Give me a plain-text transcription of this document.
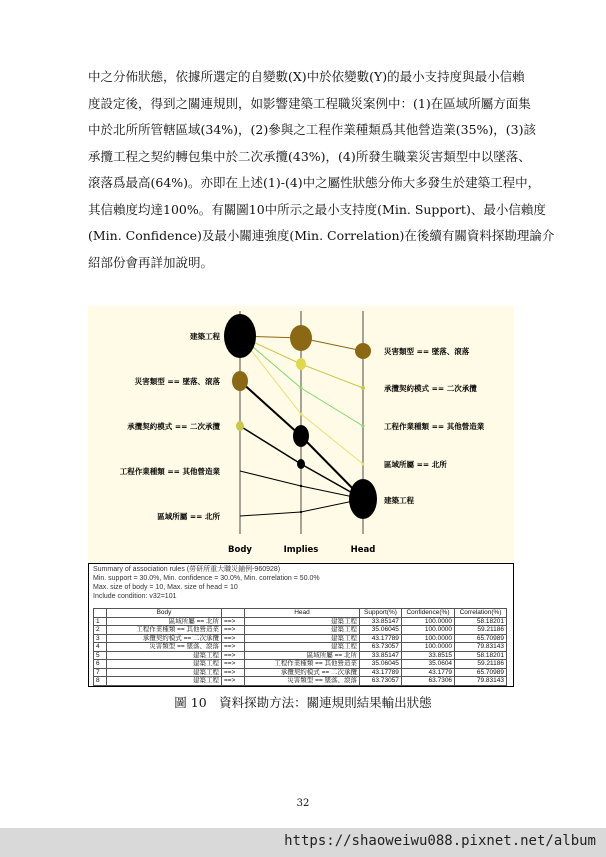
中之分佈狀態，依據所選定的自變數(X)中於依變數(Y)的最小支持度與最小信賴
度設定後，得到之關連規則，如影響建築工程職災案例中：(1)在區域所屬方面集
中於北所所管轄區域(34%)，(2)參與之工程作業種類爲其他營造業(35%)，(3)該
承攬工程之契約轉包集中於二次承攬(43%)，(4)所發生職業災害類型中以墜落、
滾落爲最高(64%)。亦即在上述(1)-(4)中之屬性狀態分佈大多發生於建築工程中，
其信賴度均達100%。有關圖10中所示之最小支持度(Min. Support)、最小信賴度
(Min. Confidence)及最小關連強度(Min. Correlation)在後續有關資料探勘理論介
紹部份會再詳加說明。
建築工程
災害類型 == 墜落、滾落
承攬契約模式 == 二次承攬
工程作業種類 == 其他營造業
區域所屬 == 北所
災害類型 == 墜落、滾落
承攬契約模式 == 二次承攬
工程作業種類 == 其他營造業
區域所屬 == 北所
建築工程
Body	Implies	Head
Summary of association rules (勞研所重大職災鋪例-960928)
Min. support = 30.0%, Min. confidence = 30.0%, Min. correlation = 50.0%
Max. size of body = 10, Max. size of head = 10
Include condition: v32=101
	Body		Head	Support(%)	Confidence(%)	Correlation(%)
1	區域所屬 == 北所	==>	建築工程	33.85147	100.0000	58.18201
2	工程作業種類 == 其他營造業	==>	建築工程	35.06045	100.0000	59.21186
3	承攬契約模式 == 二次承攬	==>	建築工程	43.17789	100.0000	65.70989
4	災害類型 == 墜落、滾落	==>	建築工程	63.73057	100.0000	79.83143
5	建築工程	==>	區域所屬 == 北所	33.85147	33.8515	58.18201
6	建築工程	==>	工程作業種類 == 其他營造業	35.06045	35.0604	59.21186
7	建築工程	==>	承攬契約模式 == 二次承攬	43.17789	43.1779	65.70989
8	建築工程	==>	災害類型 == 墜落、滾落	63.73057	63.7306	79.83143
圖 10　資料探勘方法：關連規則結果輸出狀態
32
https://shaoweiwu088.pixnet.net/album
